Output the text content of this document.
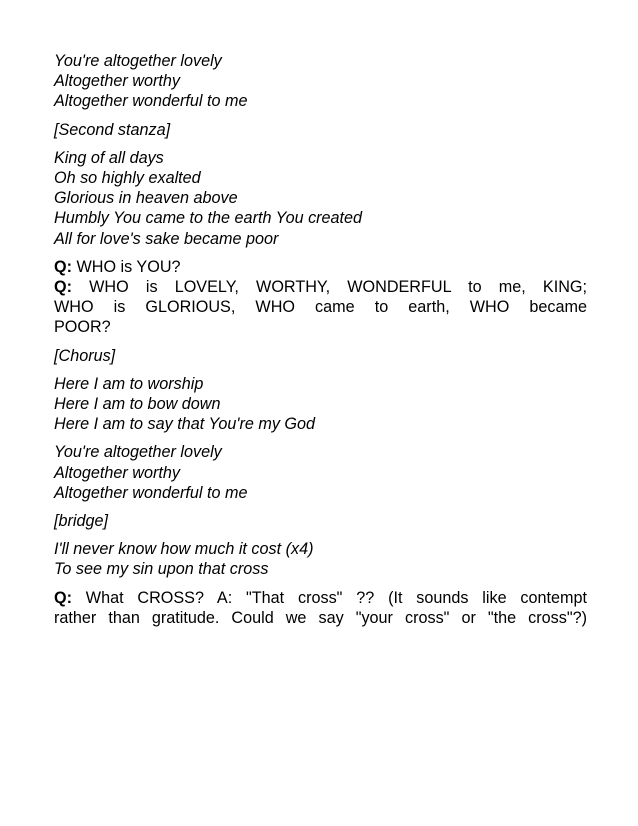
You're altogether lovely
Altogether worthy
Altogether wonderful to me
[Second stanza]
King of all days
Oh so highly exalted
Glorious in heaven above
Humbly You came to the earth You created
All for love's sake became poor
Q: WHO is YOU?
Q: WHO is LOVELY, WORTHY, WONDERFUL to me, KING;
WHO is GLORIOUS, WHO came to earth, WHO became
POOR?
[Chorus]
Here I am to worship
Here I am to bow down
Here I am to say that You're my God
You're altogether lovely
Altogether worthy
Altogether wonderful to me
[bridge]
I'll never know how much it cost (x4)
To see my sin upon that cross
Q: What CROSS? A: "That cross" ?? (It sounds like contempt
rather than gratitude. Could we say "your cross" or "the cross"?)
